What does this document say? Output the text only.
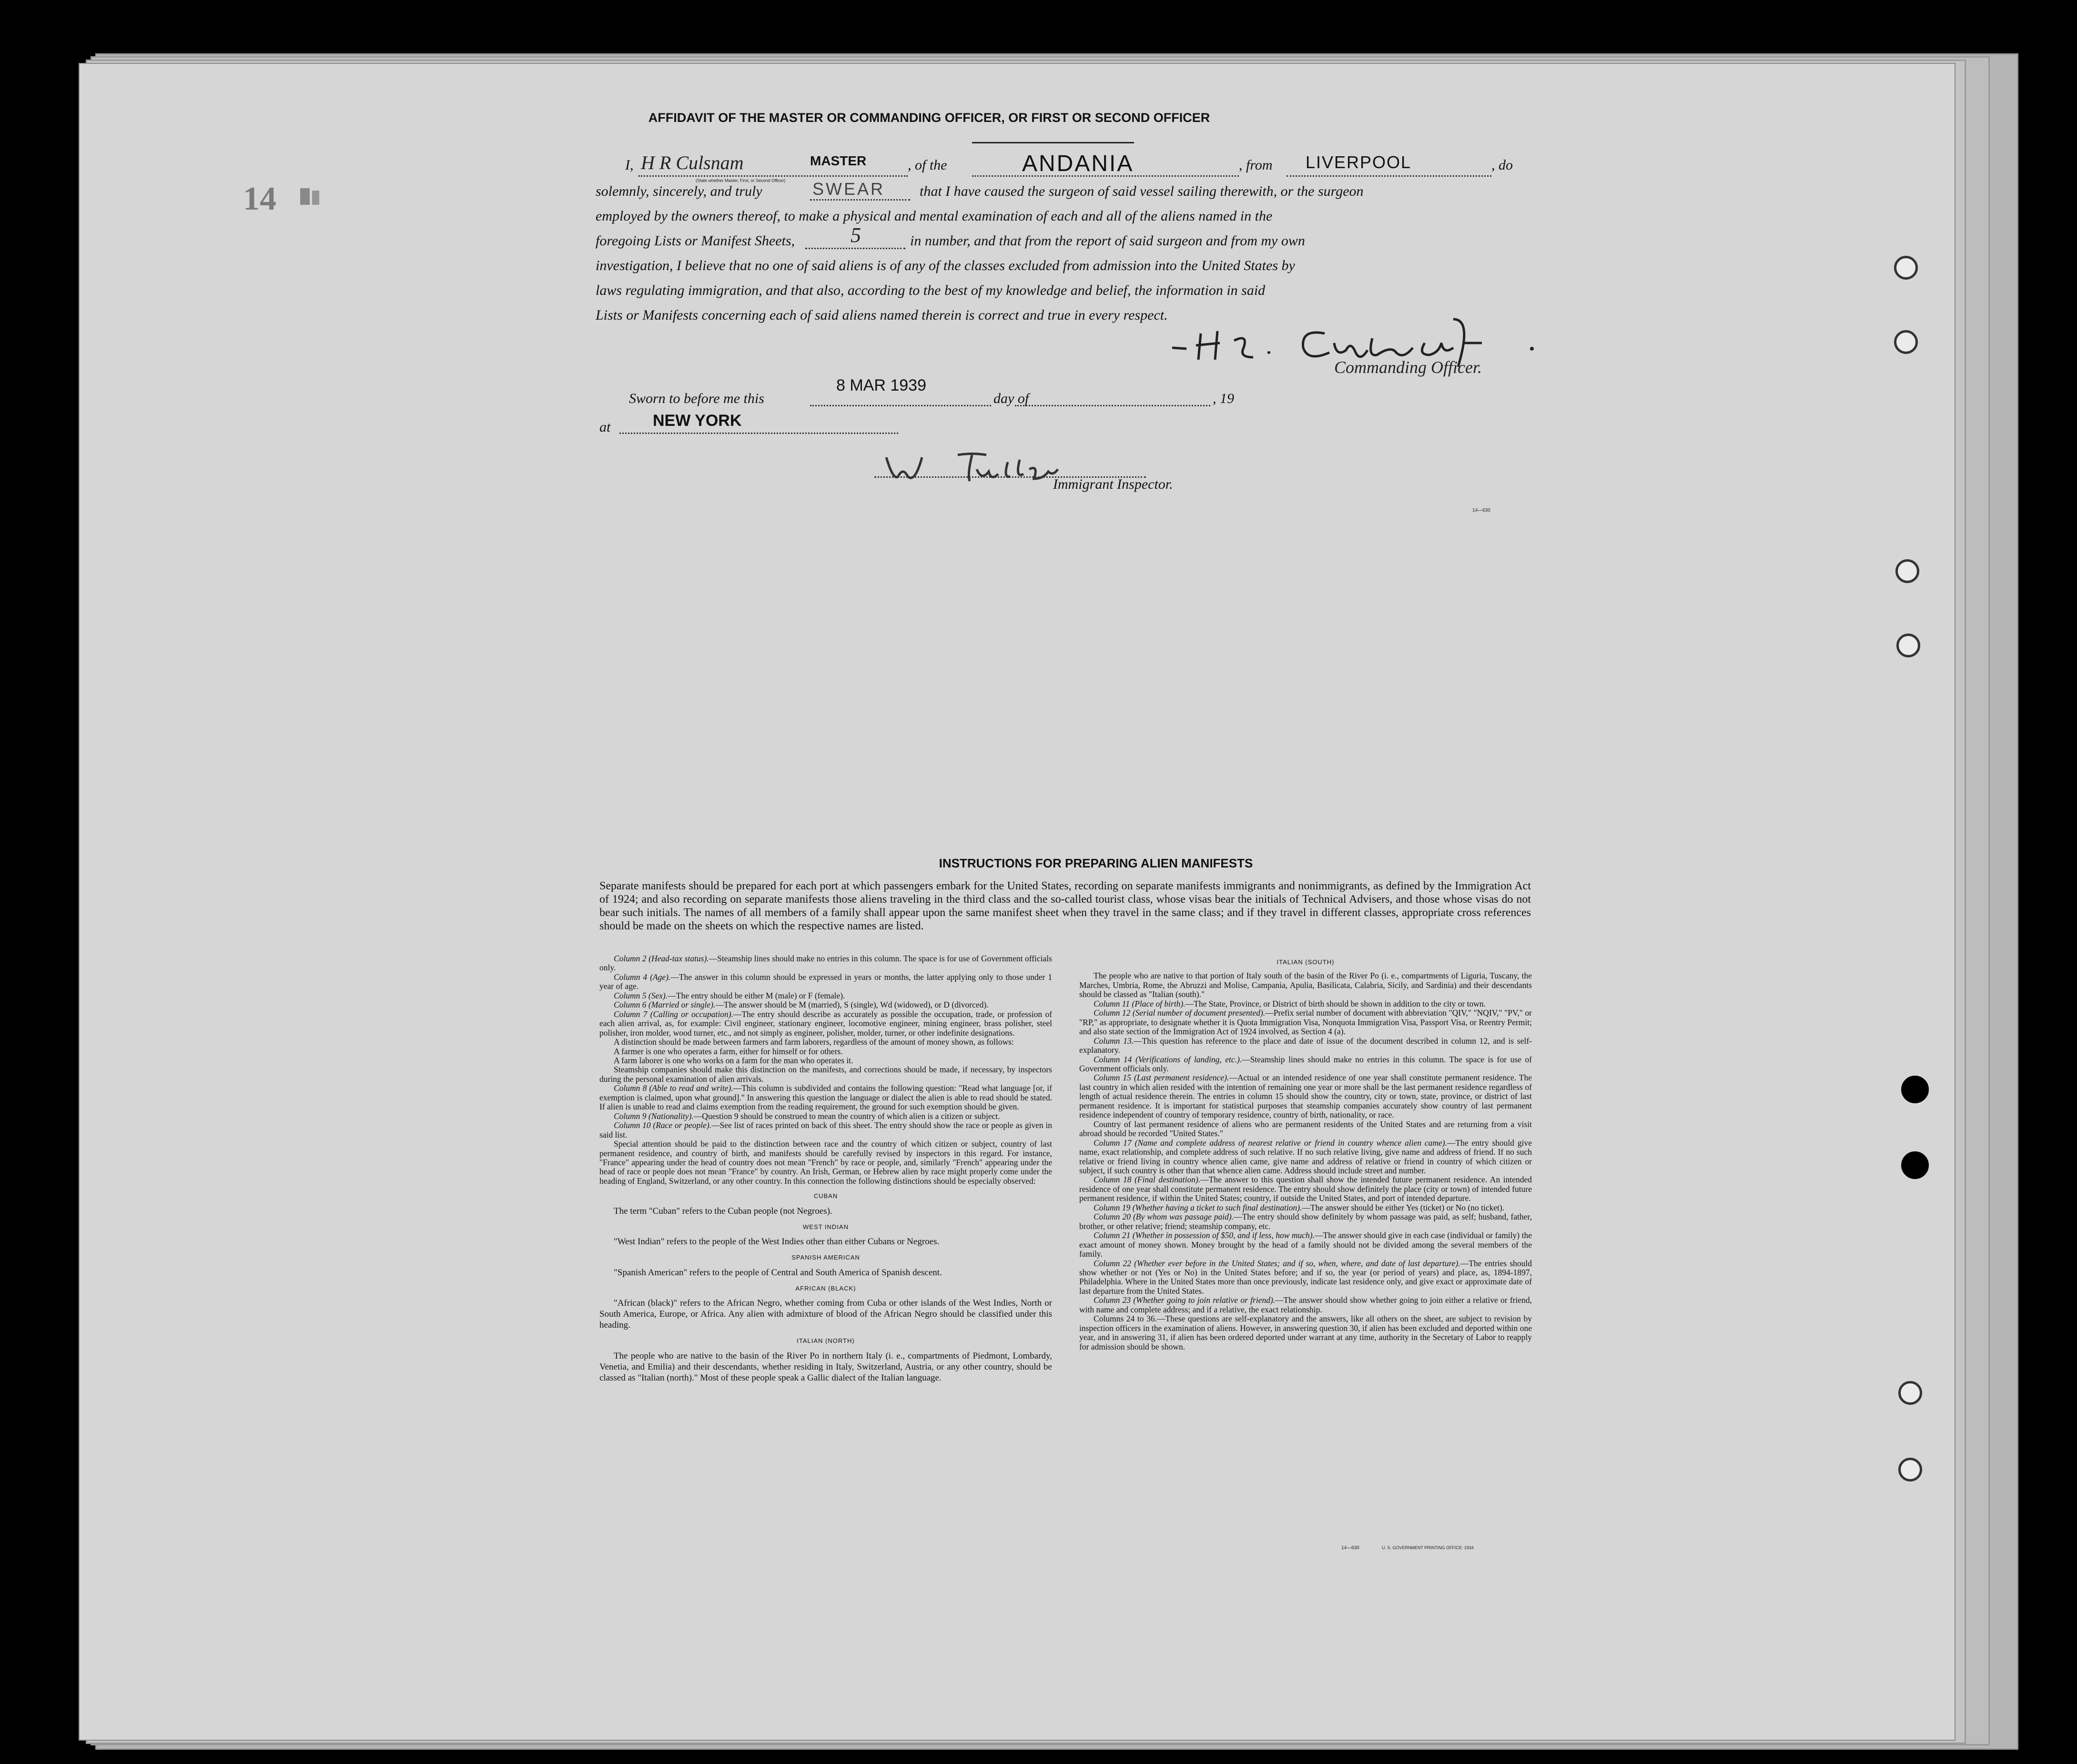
14
AFFIDAVIT OF THE MASTER OR COMMANDING OFFICER, OR FIRST OR SECOND OFFICER
I, H R Culsnam	MASTER
(State whether Master, First, or Second Officer)
, of the	ANDANIA	, from LIVERPOOL	, do
solemnly, sincerely, and truly	SWEAR that I have caused the surgeon of said vessel sailing therewith, or the surgeon
employed by the owners thereof, to make a physical and mental examination of each and all of the aliens named in the
foregoing Lists or Manifest Sheets,	5	in number, and that from the report of said surgeon and from my own
investigation, I believe that no one of said aliens is of any of the classes excluded from admission into the United States by
laws regulating immigration, and that also, according to the best of my knowledge and belief, the information in said
Lists or Manifests concerning each of said aliens named therein is correct and true in every respect.
Commanding Officer.
Sworn to before me this
8 MAR 1939
day of	, 19
at	NEW YORK
Immigrant Inspector.
14—630
INSTRUCTIONS FOR PREPARING ALIEN MANIFESTS
Separate manifests should be prepared for each port at which passengers embark for the United States, recording on separate manifests immigrants and nonimmigrants, as defined by the Immigration Act of 1924; and also recording on separate manifests those aliens traveling in the third class and the so-called tourist class, whose visas bear the initials of Technical Advisers, and those whose visas do not bear such initials. The names of all members of a family shall appear upon the same manifest sheet when they travel in the same class; and if they travel in different classes, appropriate cross references should be made on the sheets on which the respective names are listed.

Column 2 (Head-tax status).—Steamship lines should make no entries in this column. The space is for use of Government officials only.

Column 4 (Age).—The answer in this column should be expressed in years or months, the latter applying only to those under 1 year of age.

Column 5 (Sex).—The entry should be either M (male) or F (female).

Column 6 (Married or single).—The answer should be M (married), S (single), Wd (widowed), or D (divorced).

Column 7 (Calling or occupation).—The entry should describe as accurately as possible the occupation, trade, or profession of each alien arrival, as, for example: Civil engineer, stationary engineer, locomotive engineer, mining engineer, brass polisher, steel polisher, iron molder, wood turner, etc., and not simply as engineer, polisher, molder, turner, or other indefinite designations.

A distinction should be made between farmers and farm laborers, regardless of the amount of money shown, as follows:

A farmer is one who operates a farm, either for himself or for others.

A farm laborer is one who works on a farm for the man who operates it.

Steamship companies should make this distinction on the manifests, and corrections should be made, if necessary, by inspectors during the personal examination of alien arrivals.

Column 8 (Able to read and write).—This column is subdivided and contains the following question: "Read what language [or, if exemption is claimed, upon what ground]." In answering this question the language or dialect the alien is able to read should be stated. If alien is unable to read and claims exemption from the reading requirement, the ground for such exemption should be given.

Column 9 (Nationality).—Question 9 should be construed to mean the country of which alien is a citizen or subject.

Column 10 (Race or people).—See list of races printed on back of this sheet. The entry should show the race or people as given in said list.

Special attention should be paid to the distinction between race and the country of which citizen or subject, country of last permanent residence, and country of birth, and manifests should be carefully revised by inspectors in this regard. For instance, "France" appearing under the head of country does not mean "French" by race or people, and, similarly "French" appearing under the head of race or people does not mean "France" by country. An Irish, German, or Hebrew alien by race might properly come under the heading of England, Switzerland, or any other country. In this connection the following distinctions should be especially observed:

CUBAN

The term "Cuban" refers to the Cuban people (not Negroes).

WEST INDIAN

"West Indian" refers to the people of the West Indies other than either Cubans or Negroes.

SPANISH AMERICAN

"Spanish American" refers to the people of Central and South America of Spanish descent.

AFRICAN (BLACK)

"African (black)" refers to the African Negro, whether coming from Cuba or other islands of the West Indies, North or South America, Europe, or Africa. Any alien with admixture of blood of the African Negro should be classified under this heading.

ITALIAN (NORTH)

The people who are native to the basin of the River Po in northern Italy (i. e., compartments of Piedmont, Lombardy, Venetia, and Emilia) and their descendants, whether residing in Italy, Switzerland, Austria, or any other country, should be classed as "Italian (north)." Most of these people speak a Gallic dialect of the Italian language.

ITALIAN (SOUTH)

The people who are native to that portion of Italy south of the basin of the River Po (i. e., compartments of Liguria, Tuscany, the Marches, Umbria, Rome, the Abruzzi and Molise, Campania, Apulia, Basilicata, Calabria, Sicily, and Sardinia) and their descendants should be classed as "Italian (south)."

Column 11 (Place of birth).—The State, Province, or District of birth should be shown in addition to the city or town.

Column 12 (Serial number of document presented).—Prefix serial number of document with abbreviation "QIV," "NQIV," "PV," or "RP," as appropriate, to designate whether it is Quota Immigration Visa, Nonquota Immigration Visa, Passport Visa, or Reentry Permit; and also state section of the Immigration Act of 1924 involved, as Section 4 (a).

Column 13.—This question has reference to the place and date of issue of the document described in column 12, and is self-explanatory.

Column 14 (Verifications of landing, etc.).—Steamship lines should make no entries in this column. The space is for use of Government officials only.

Column 15 (Last permanent residence).—Actual or an intended residence of one year shall constitute permanent residence. The last country in which alien resided with the intention of remaining one year or more shall be the last permanent residence regardless of length of actual residence therein. The entries in column 15 should show the country, city or town, state, province, or district of last permanent residence. It is important for statistical purposes that steamship companies accurately show country of last permanent residence independent of country of temporary residence, country of birth, nationality, or race.

Country of last permanent residence of aliens who are permanent residents of the United States and are returning from a visit abroad should be recorded "United States."

Column 17 (Name and complete address of nearest relative or friend in country whence alien came).—The entry should give name, exact relationship, and complete address of such relative. If no such relative living, give name and address of friend. If no such relative or friend living in country whence alien came, give name and address of relative or friend in country of which citizen or subject, if such country is other than that whence alien came. Address should include street and number.

Column 18 (Final destination).—The answer to this question shall show the intended future permanent residence. An intended residence of one year shall constitute permanent residence. The entry should show definitely the place (city or town) of intended future permanent residence, if within the United States; country, if outside the United States, and port of intended departure.

Column 19 (Whether having a ticket to such final destination).—The answer should be either Yes (ticket) or No (no ticket).

Column 20 (By whom was passage paid).—The entry should show definitely by whom passage was paid, as self; husband, father, brother, or other relative; friend; steamship company, etc.

Column 21 (Whether in possession of $50, and if less, how much).—The answer should give in each case (individual or family) the exact amount of money shown. Money brought by the head of a family should not be divided among the several members of the family.

Column 22 (Whether ever before in the United States; and if so, when, where, and date of last departure).—The entries should show whether or not (Yes or No) in the United States before; and if so, the year (or period of years) and place, as, 1894-1897, Philadelphia. Where in the United States more than once previously, indicate last residence only, and give exact or approximate date of last departure from the United States.

Column 23 (Whether going to join relative or friend).—The answer should show whether going to join either a relative or friend, with name and complete address; and if a relative, the exact relationship.

Columns 24 to 36.—These questions are self-explanatory and the answers, like all others on the sheet, are subject to revision by inspection officers in the examination of aliens. However, in answering question 30, if alien has been excluded and deported within one year, and in answering 31, if alien has been ordered deported under warrant at any time, authority in the Secretary of Labor to reapply for admission should be shown.

14—630	U. S. GOVERNMENT PRINTING OFFICE: 1934
